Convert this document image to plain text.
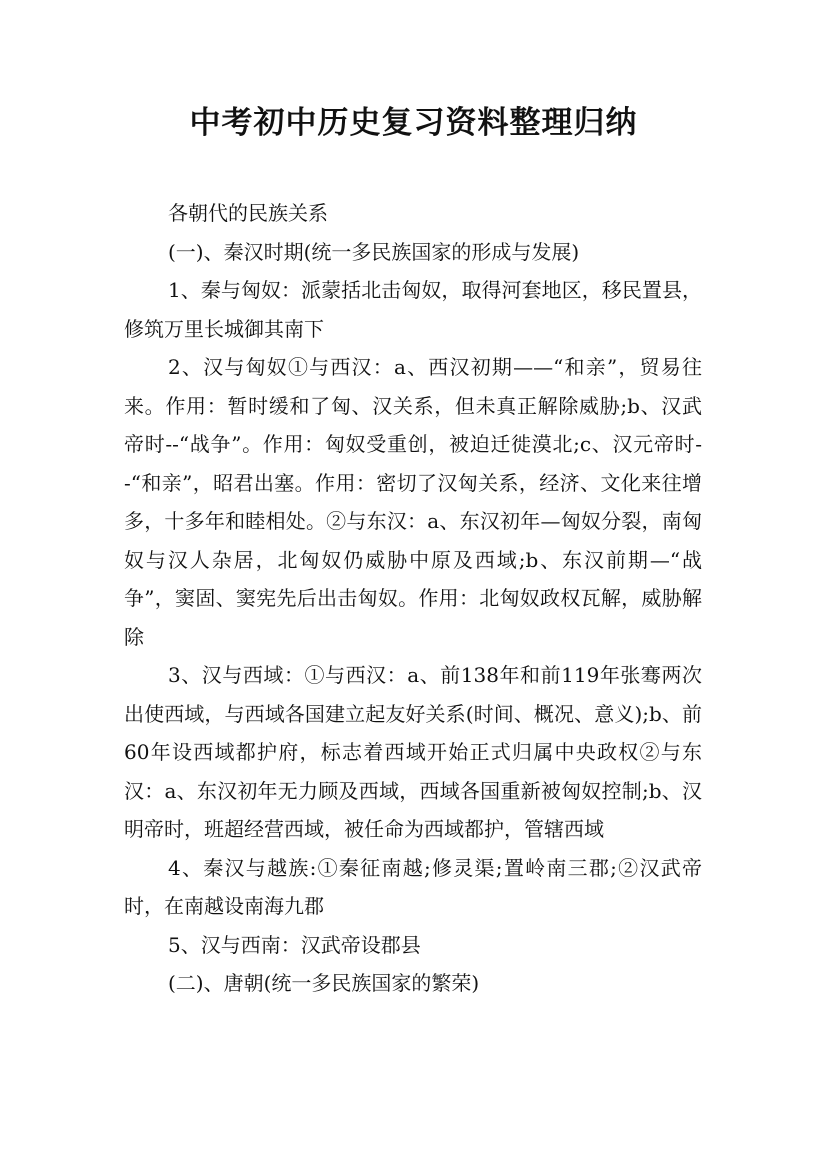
中考初中历史复习资料整理归纳

各朝代的民族关系

(一)、秦汉时期(统一多民族国家的形成与发展)

1、秦与匈奴：派蒙括北击匈奴，取得河套地区，移民置县，修筑万里长城御其南下

2、汉与匈奴①与西汉：a、西汉初期——“和亲”，贸易往来。作用：暂时缓和了匈、汉关系，但未真正解除威胁;b、汉武帝时--“战争”。作用：匈奴受重创，被迫迁徙漠北;c、汉元帝时--“和亲”，昭君出塞。作用：密切了汉匈关系，经济、文化来往增多，十多年和睦相处。②与东汉：a、东汉初年—匈奴分裂，南匈奴与汉人杂居，北匈奴仍威胁中原及西域;b、东汉前期—“战争”，窦固、窦宪先后出击匈奴。作用：北匈奴政权瓦解，威胁解除

3、汉与西域：①与西汉：a、前138年和前119年张骞两次出使西域，与西域各国建立起友好关系(时间、概况、意义);b、前60年设西域都护府，标志着西域开始正式归属中央政权②与东汉：a、东汉初年无力顾及西域，西域各国重新被匈奴控制;b、汉明帝时，班超经营西域，被任命为西域都护，管辖西域

4、秦汉与越族:①秦征南越;修灵渠;置岭南三郡;②汉武帝时，在南越设南海九郡

5、汉与西南：汉武帝设郡县

(二)、唐朝(统一多民族国家的繁荣)
